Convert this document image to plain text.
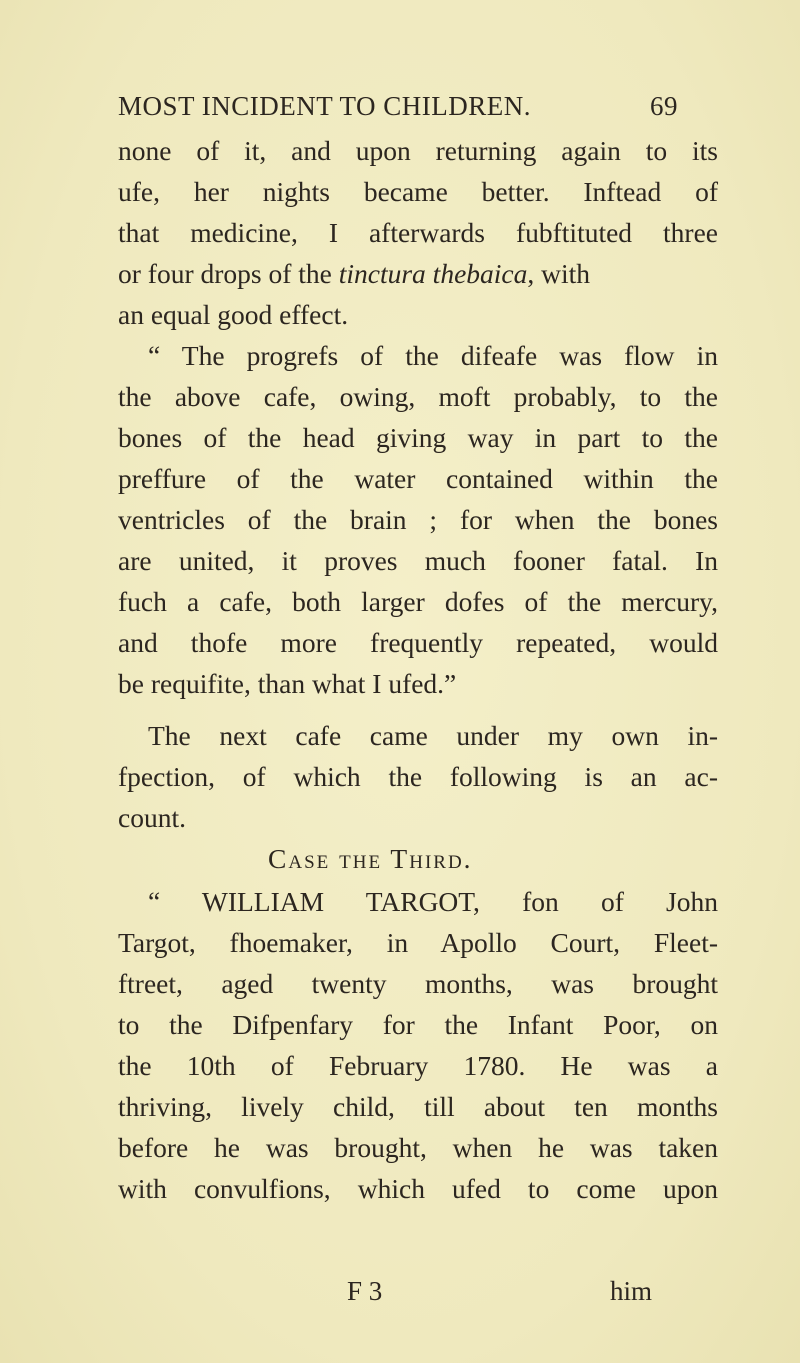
MOST INCIDENT TO CHILDREN.	69
none of it, and upon returning again to its
ufe, her nights became better. Inftead of
that medicine, I afterwards fubftituted three
or four drops of the tinctura thebaica, with
an equal good effect.
“ The progrefs of the difeafe was flow in
the above cafe, owing, moft probably, to the
bones of the head giving way in part to the
preffure of the water contained within the
ventricles of the brain ; for when the bones
are united, it proves much fooner fatal. In
fuch a cafe, both larger dofes of the mercury,
and thofe more frequently repeated, would
be requifite, than what I ufed.”
The next cafe came under my own in-
fpection, of which the following is an ac-
count.
Case the Third.
“ WILLIAM TARGOT, fon of John
Targot, fhoemaker, in Apollo Court, Fleet-
ftreet, aged twenty months, was brought
to the Difpenfary for the Infant Poor, on
the 10th of February 1780. He was a
thriving, lively child, till about ten months
before he was brought, when he was taken
with convulfions, which ufed to come upon
F 3	him
